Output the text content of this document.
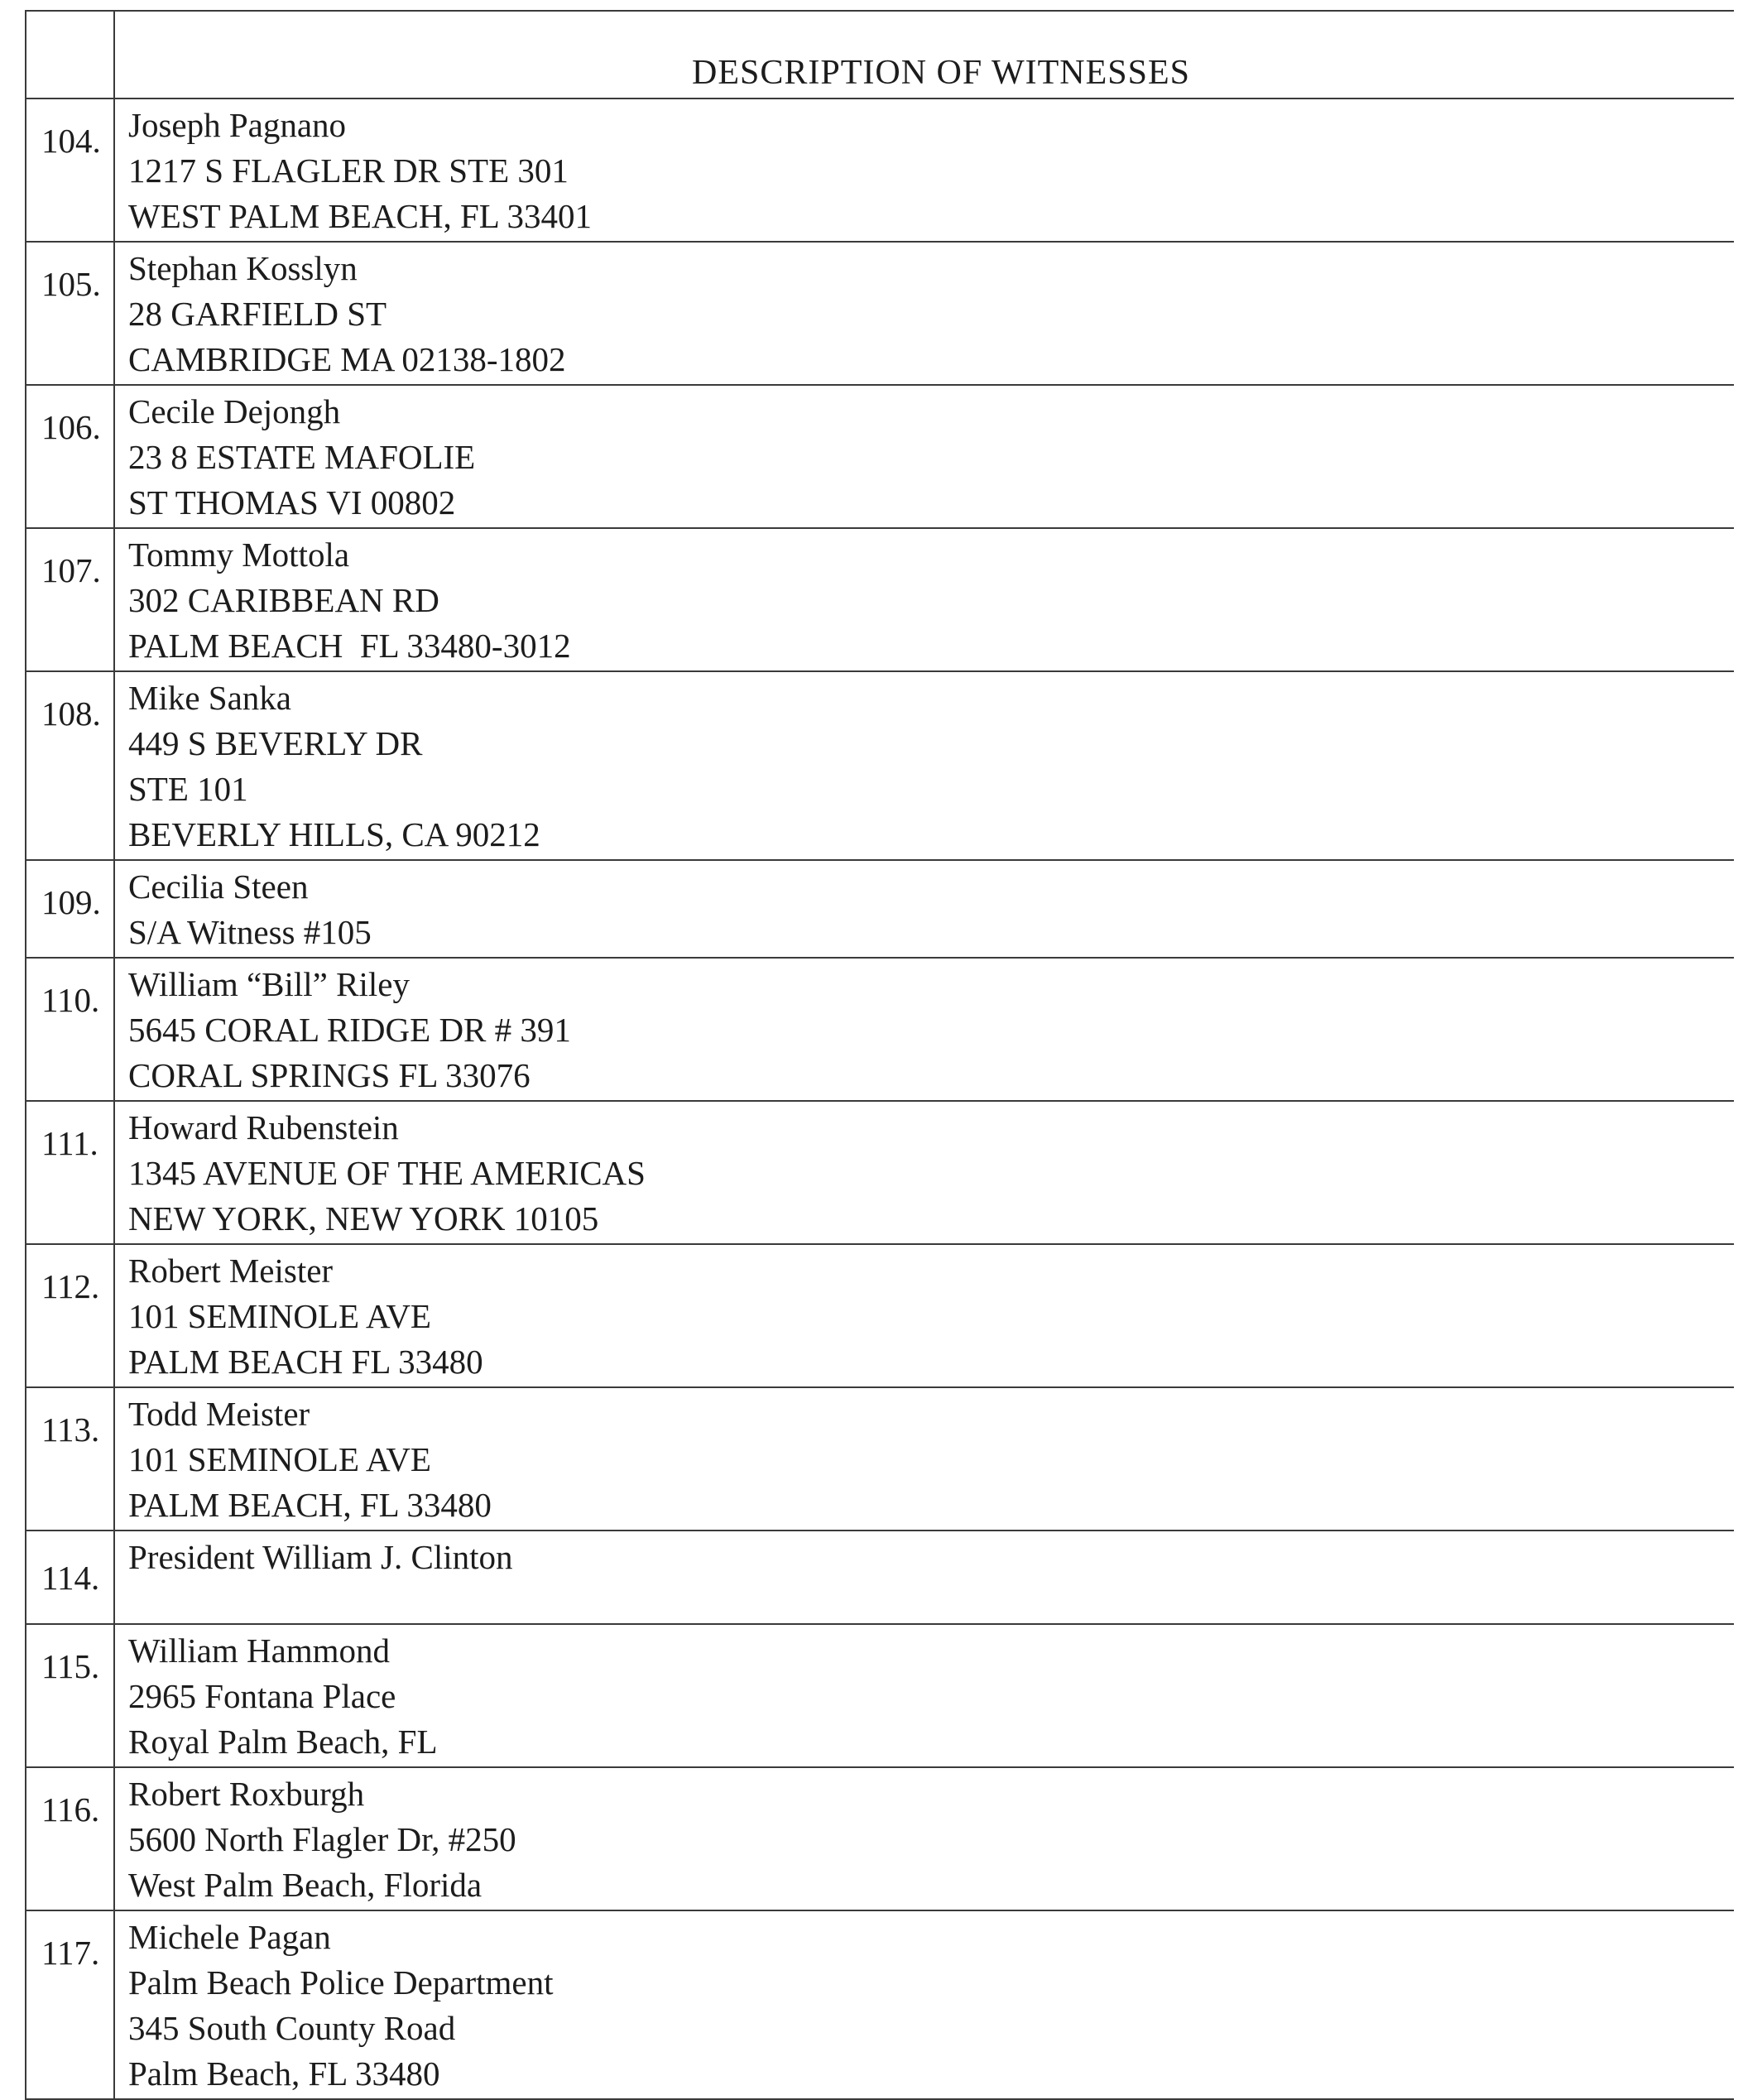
	DESCRIPTION OF WITNESSES

104.	Joseph Pagnano
1217 S FLAGLER DR STE 301
WEST PALM BEACH, FL 33401

105.	Stephan Kosslyn
28 GARFIELD ST
CAMBRIDGE MA 02138-1802

106.	Cecile Dejongh
23 8 ESTATE MAFOLIE
ST THOMAS VI 00802

107.	Tommy Mottola
302 CARIBBEAN RD
PALM BEACH  FL 33480-3012

108.	Mike Sanka
449 S BEVERLY DR
STE 101
BEVERLY HILLS, CA 90212

109.	Cecilia Steen
S/A Witness #105

110.	William “Bill” Riley
5645 CORAL RIDGE DR # 391
CORAL SPRINGS FL 33076

111.	Howard Rubenstein
1345 AVENUE OF THE AMERICAS
NEW YORK, NEW YORK 10105

112.	Robert Meister
101 SEMINOLE AVE
PALM BEACH FL 33480

113.	Todd Meister
101 SEMINOLE AVE
PALM BEACH, FL 33480

114.	President William J. Clinton

115.	William Hammond
2965 Fontana Place
Royal Palm Beach, FL

116.	Robert Roxburgh
5600 North Flagler Dr, #250
West Palm Beach, Florida

117.	Michele Pagan
Palm Beach Police Department
345 South County Road
Palm Beach, FL 33480
